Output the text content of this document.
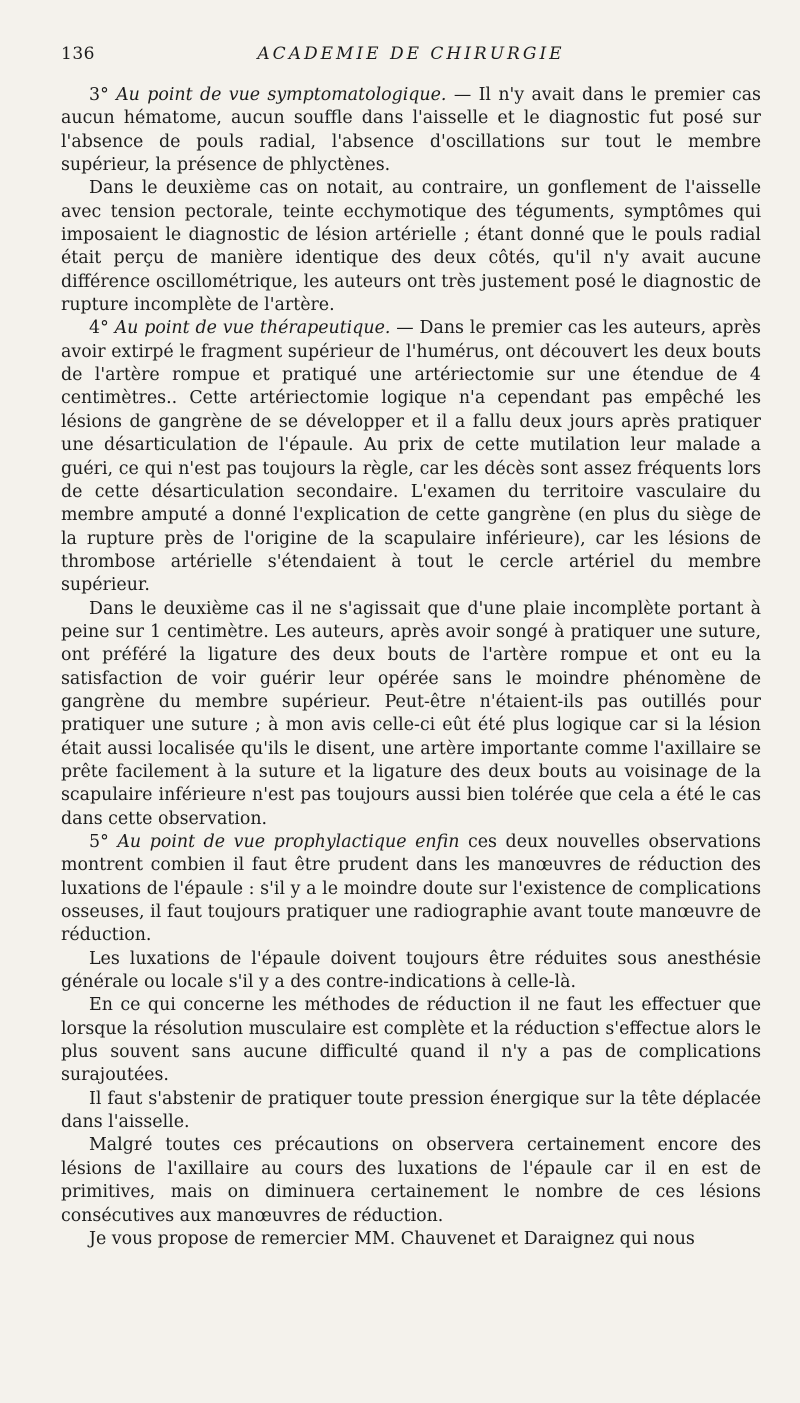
136	ACADEMIE DE CHIRURGIE

3° Au point de vue symptomatologique. — Il n'y avait dans le premier cas aucun hématome, aucun souffle dans l'aisselle et le diagnostic fut posé sur l'absence de pouls radial, l'absence d'oscillations sur tout le membre supérieur, la présence de phlyctènes.

Dans le deuxième cas on notait, au contraire, un gonflement de l'aisselle avec tension pectorale, teinte ecchymotique des téguments, symptômes qui imposaient le diagnostic de lésion artérielle ; étant donné que le pouls radial était perçu de manière identique des deux côtés, qu'il n'y avait aucune différence oscillométrique, les auteurs ont très justement posé le diagnostic de rupture incomplète de l'artère.

4° Au point de vue thérapeutique. — Dans le premier cas les auteurs, après avoir extirpé le fragment supérieur de l'humérus, ont découvert les deux bouts de l'artère rompue et pratiqué une artériectomie sur une étendue de 4 centimètres.. Cette artériectomie logique n'a cependant pas empêché les lésions de gangrène de se développer et il a fallu deux jours après pratiquer une désarticulation de l'épaule. Au prix de cette mutilation leur malade a guéri, ce qui n'est pas toujours la règle, car les décès sont assez fréquents lors de cette désarticulation secondaire. L'examen du territoire vasculaire du membre amputé a donné l'explication de cette gangrène (en plus du siège de la rupture près de l'origine de la scapulaire inférieure), car les lésions de thrombose artérielle s'étendaient à tout le cercle artériel du membre supérieur.

Dans le deuxième cas il ne s'agissait que d'une plaie incomplète portant à peine sur 1 centimètre. Les auteurs, après avoir songé à pratiquer une suture, ont préféré la ligature des deux bouts de l'artère rompue et ont eu la satisfaction de voir guérir leur opérée sans le moindre phénomène de gangrène du membre supérieur. Peut-être n'étaient-ils pas outillés pour pratiquer une suture ; à mon avis celle-ci eût été plus logique car si la lésion était aussi localisée qu'ils le disent, une artère importante comme l'axillaire se prête facilement à la suture et la ligature des deux bouts au voisinage de la scapulaire inférieure n'est pas toujours aussi bien tolérée que cela a été le cas dans cette observation.

5° Au point de vue prophylactique enfin ces deux nouvelles observations montrent combien il faut être prudent dans les manœuvres de réduction des luxations de l'épaule : s'il y a le moindre doute sur l'existence de complications osseuses, il faut toujours pratiquer une radiographie avant toute manœuvre de réduction.

Les luxations de l'épaule doivent toujours être réduites sous anesthésie générale ou locale s'il y a des contre-indications à celle-là.

En ce qui concerne les méthodes de réduction il ne faut les effectuer que lorsque la résolution musculaire est complète et la réduction s'effectue alors le plus souvent sans aucune difficulté quand il n'y a pas de complications surajoutées.

Il faut s'abstenir de pratiquer toute pression énergique sur la tête déplacée dans l'aisselle.

Malgré toutes ces précautions on observera certainement encore des lésions de l'axillaire au cours des luxations de l'épaule car il en est de primitives, mais on diminuera certainement le nombre de ces lésions consécutives aux manœuvres de réduction.

Je vous propose de remercier MM. Chauvenet et Daraignez qui nous
